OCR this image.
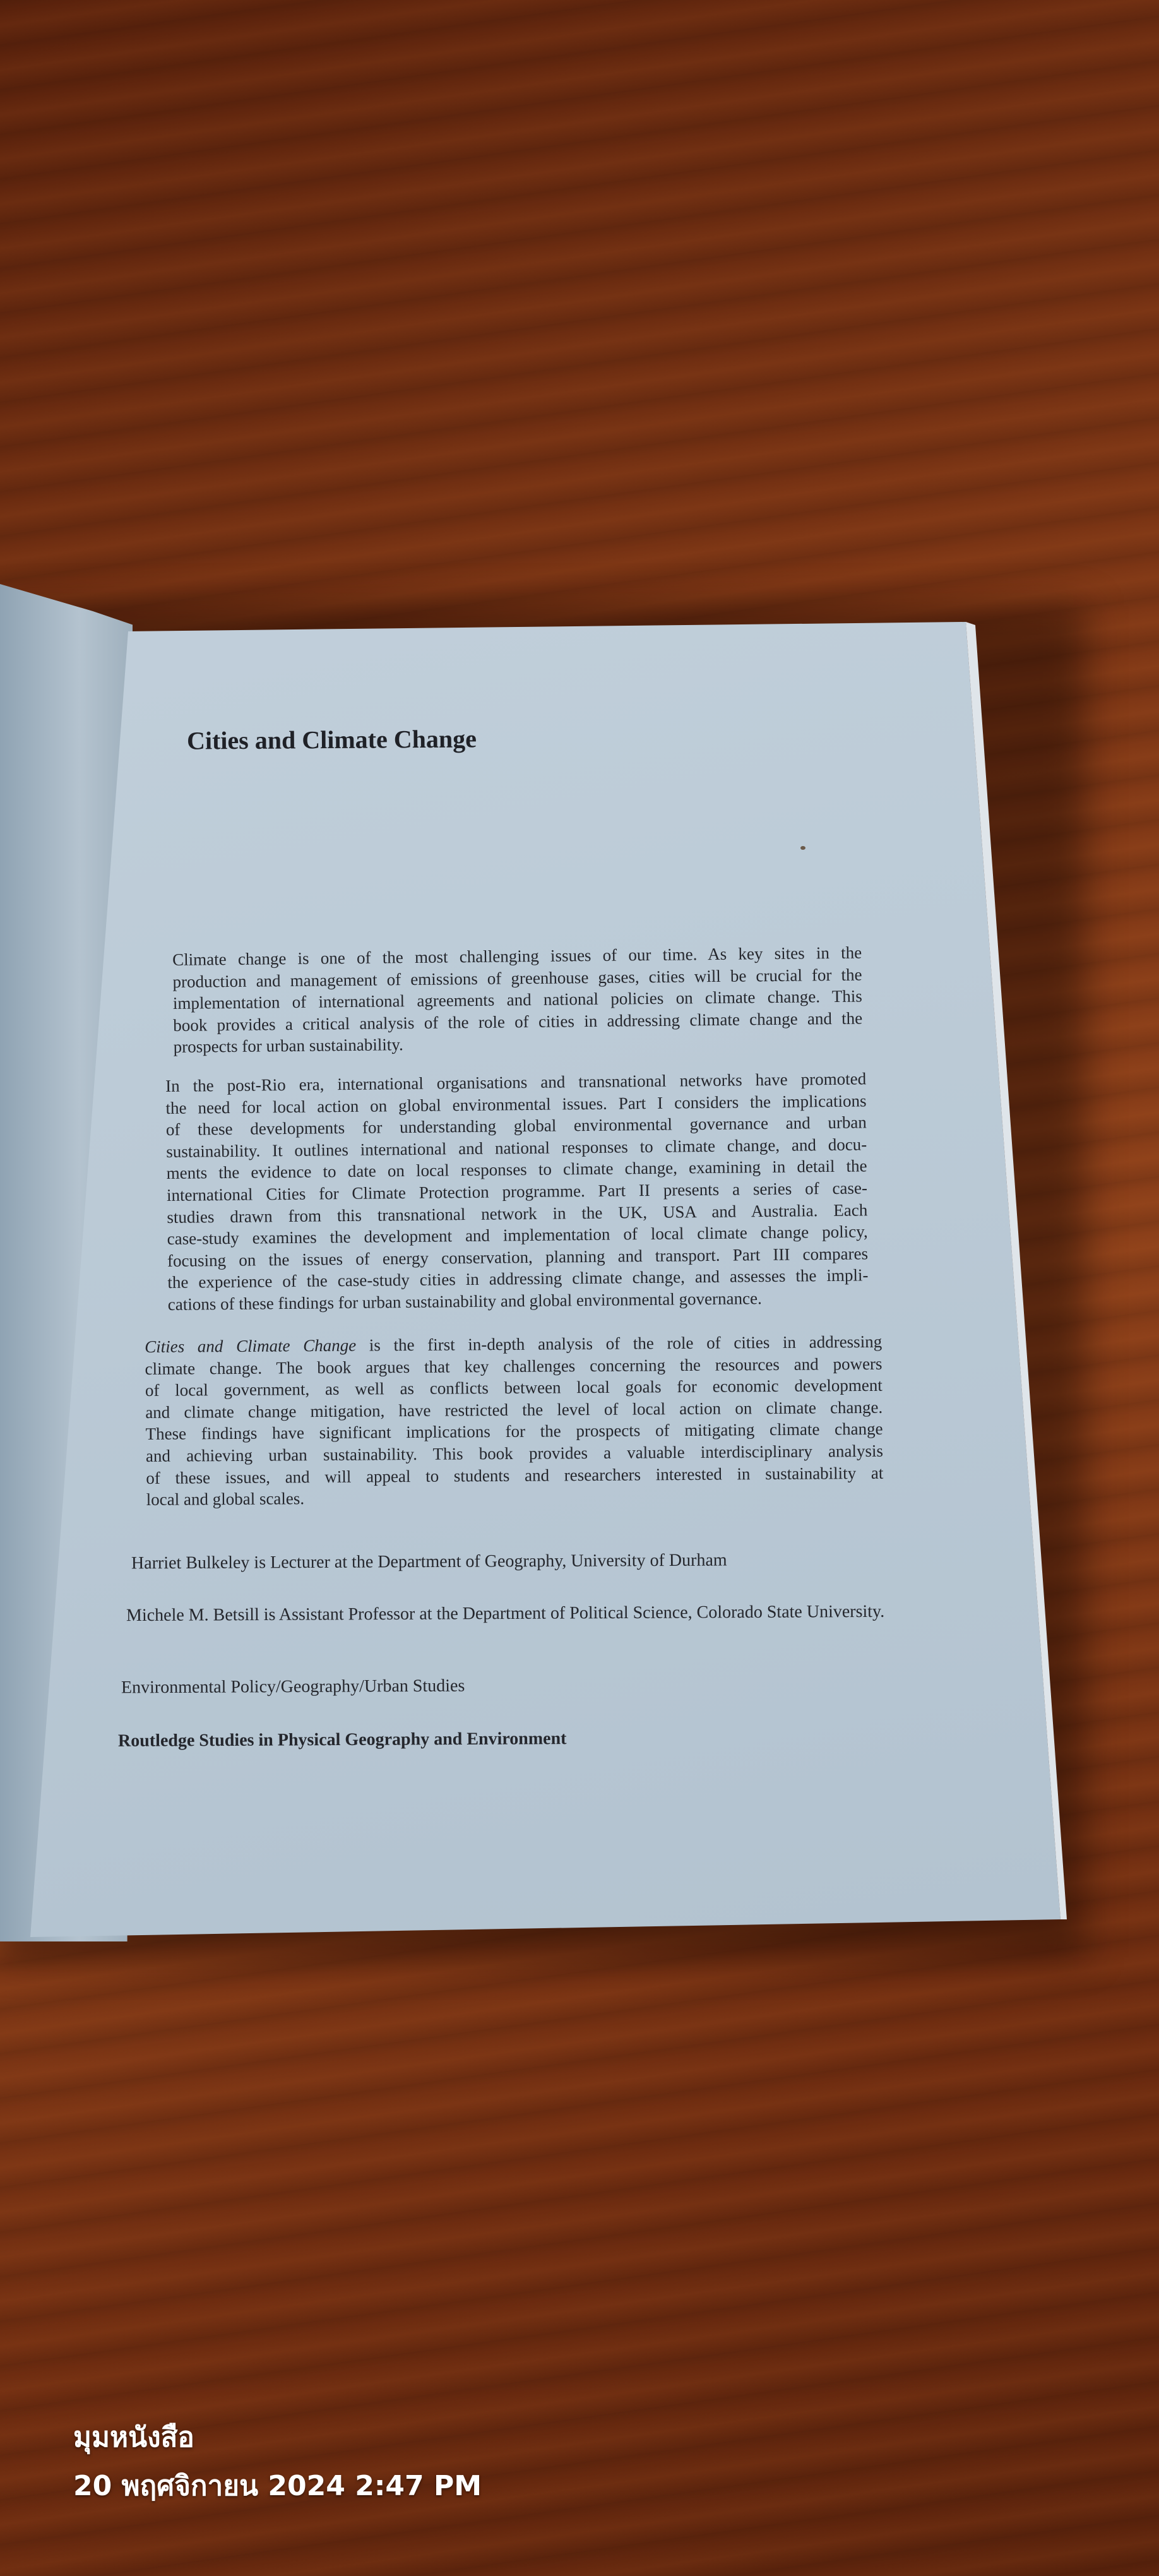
Cities and Climate Change
Climate change is one of the most challenging issues of our time. As key sites in the
production and management of emissions of greenhouse gases, cities will be crucial for the
implementation of international agreements and national policies on climate change. This
book provides a critical analysis of the role of cities in addressing climate change and the
prospects for urban sustainability.
In the post-Rio era, international organisations and transnational networks have promoted
the need for local action on global environmental issues. Part I considers the implications
of these developments for understanding global environmental governance and urban
sustainability. It outlines international and national responses to climate change, and docu-
ments the evidence to date on local responses to climate change, examining in detail the
international Cities for Climate Protection programme. Part II presents a series of case-
studies drawn from this transnational network in the UK, USA and Australia. Each
case-study examines the development and implementation of local climate change policy,
focusing on the issues of energy conservation, planning and transport. Part III compares
the experience of the case-study cities in addressing climate change, and assesses the impli-
cations of these findings for urban sustainability and global environmental governance.
Cities and Climate Change is the first in-depth analysis of the role of cities in addressing
climate change. The book argues that key challenges concerning the resources and powers
of local government, as well as conflicts between local goals for economic development
and climate change mitigation, have restricted the level of local action on climate change.
These findings have significant implications for the prospects of mitigating climate change
and achieving urban sustainability. This book provides a valuable interdisciplinary analysis
of these issues, and will appeal to students and researchers interested in sustainability at
local and global scales.
Harriet Bulkeley is Lecturer at the Department of Geography, University of Durham
Michele M. Betsill is Assistant Professor at the Department of Political Science, Colorado State University.
Environmental Policy/Geography/Urban Studies
Routledge Studies in Physical Geography and Environment
มุมหนังสือ
20 พฤศจิกายน 2024 2:47 PM
